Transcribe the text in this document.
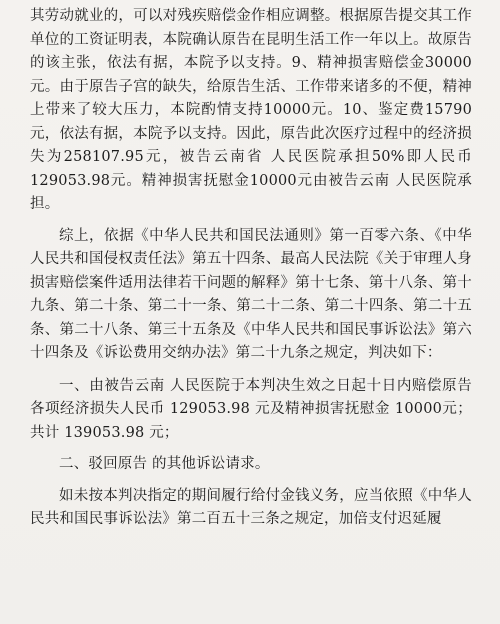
其劳动就业的，可以对残疾赔偿金作相应调整。根据原告提交其工作单位的工资证明表，本院确认原告在昆明生活工作一年以上。故原告的该主张，依法有据，本院予以支持。9、精神损害赔偿金30000元。由于原告子宫的缺失，给原告生活、工作带来诸多的不便，精神上带来了较大压力，本院酌情支持10000元。10、鉴定费15790元，依法有据，本院予以支持。因此，原告此次医疗过程中的经济损失为258107.95元，被告云南省 人民医院承担50%即人民币129053.98元。精神损害抚慰金10000元由被告云南 人民医院承担。

综上，依据《中华人民共和国民法通则》第一百零六条、《中华人民共和国侵权责任法》第五十四条、最高人民法院《关于审理人身损害赔偿案件适用法律若干问题的解释》第十七条、第十八条、第十九条、第二十条、第二十一条、第二十二条、第二十四条、第二十五条、第二十八条、第三十五条及《中华人民共和国民事诉讼法》第六十四条及《诉讼费用交纳办法》第二十九条之规定，判决如下：

一、由被告云南 人民医院于本判决生效之日起十日内赔偿原告各项经济损失人民币 129053.98 元及精神损害抚慰金 10000元；共计 139053.98 元；

二、驳回原告 的其他诉讼请求。

如未按本判决指定的期间履行给付金钱义务，应当依照《中华人民共和国民事诉讼法》第二百五十三条之规定，加倍支付迟延履
